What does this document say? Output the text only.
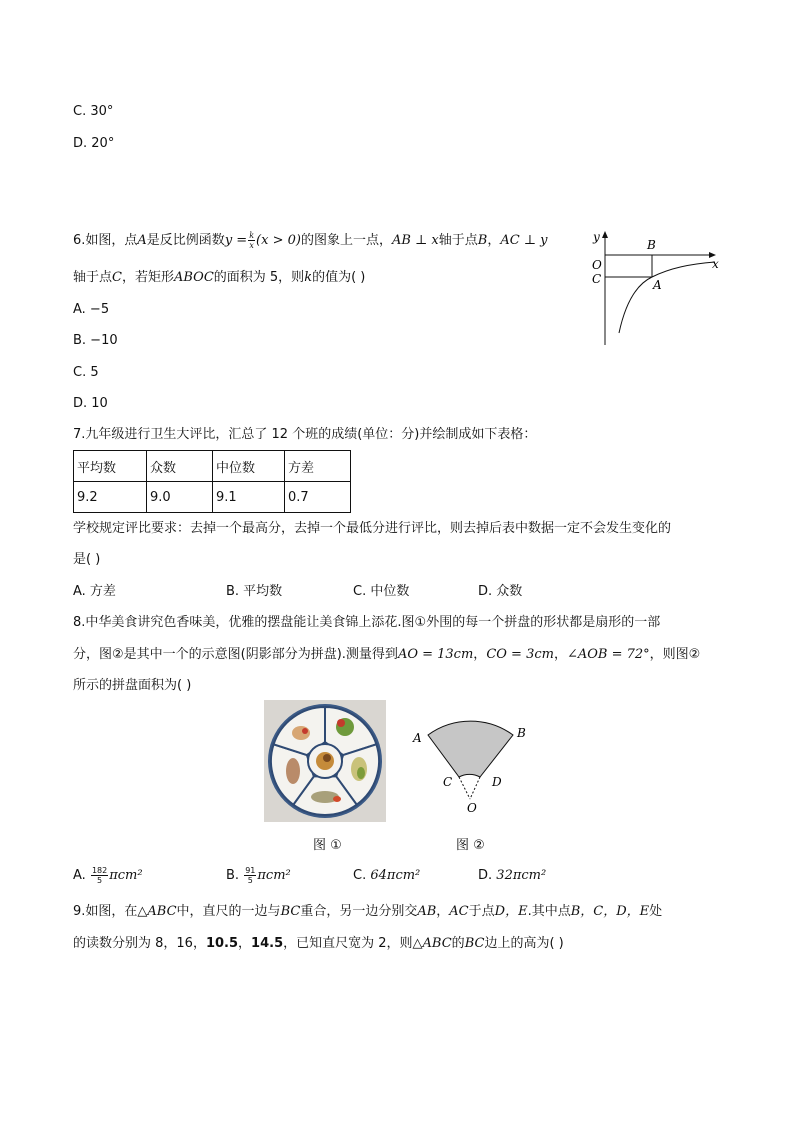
C. 30°
D. 20°
6.如图，点A是反比例函数$y = \frac{k}{x} (x > 0)$的图象上一点，AB ⊥ x轴于点B，AC ⊥ y
轴于点C，若矩形ABOC的面积为 5，则k的值为( )
A. −5
B. −10
C. 5
D. 10
y
x
O
B
C	A
7.九年级进行卫生大评比，汇总了 12 个班的成绩(单位：分)并绘制成如下表格：
平均数	众数	中位数	方差
9.2	9.0	9.1	0.7
学校规定评比要求：去掉一个最高分，去掉一个最低分进行评比，则去掉后表中数据一定不会发生变化的
是( )
A. 方差	B. 平均数	C. 中位数	D. 众数
8.中华美食讲究色香味美，优雅的摆盘能让美食锦上添花.图①外围的每一个拼盘的形状都是扇形的一部
分，图②是其中一个的示意图(阴影部分为拼盘).测量得到AO = 13cm，CO = 3cm，∠AOB = 72°，则图②
所示的拼盘面积为( )
图 ①
A	B
C	D
O
图 ②
A. $\frac{182}{5} \pi cm^2$	B. $\frac{91}{5} \pi cm^2$	C. 64πcm²	D. 32πcm²
9.如图，在△ABC中，直尺的一边与BC重合，另一边分别交AB，AC于点D，E.其中点B，C，D，E处
的读数分别为 8，16，10.5，14.5，已知直尺宽为 2，则△ABC的BC边上的高为( )
